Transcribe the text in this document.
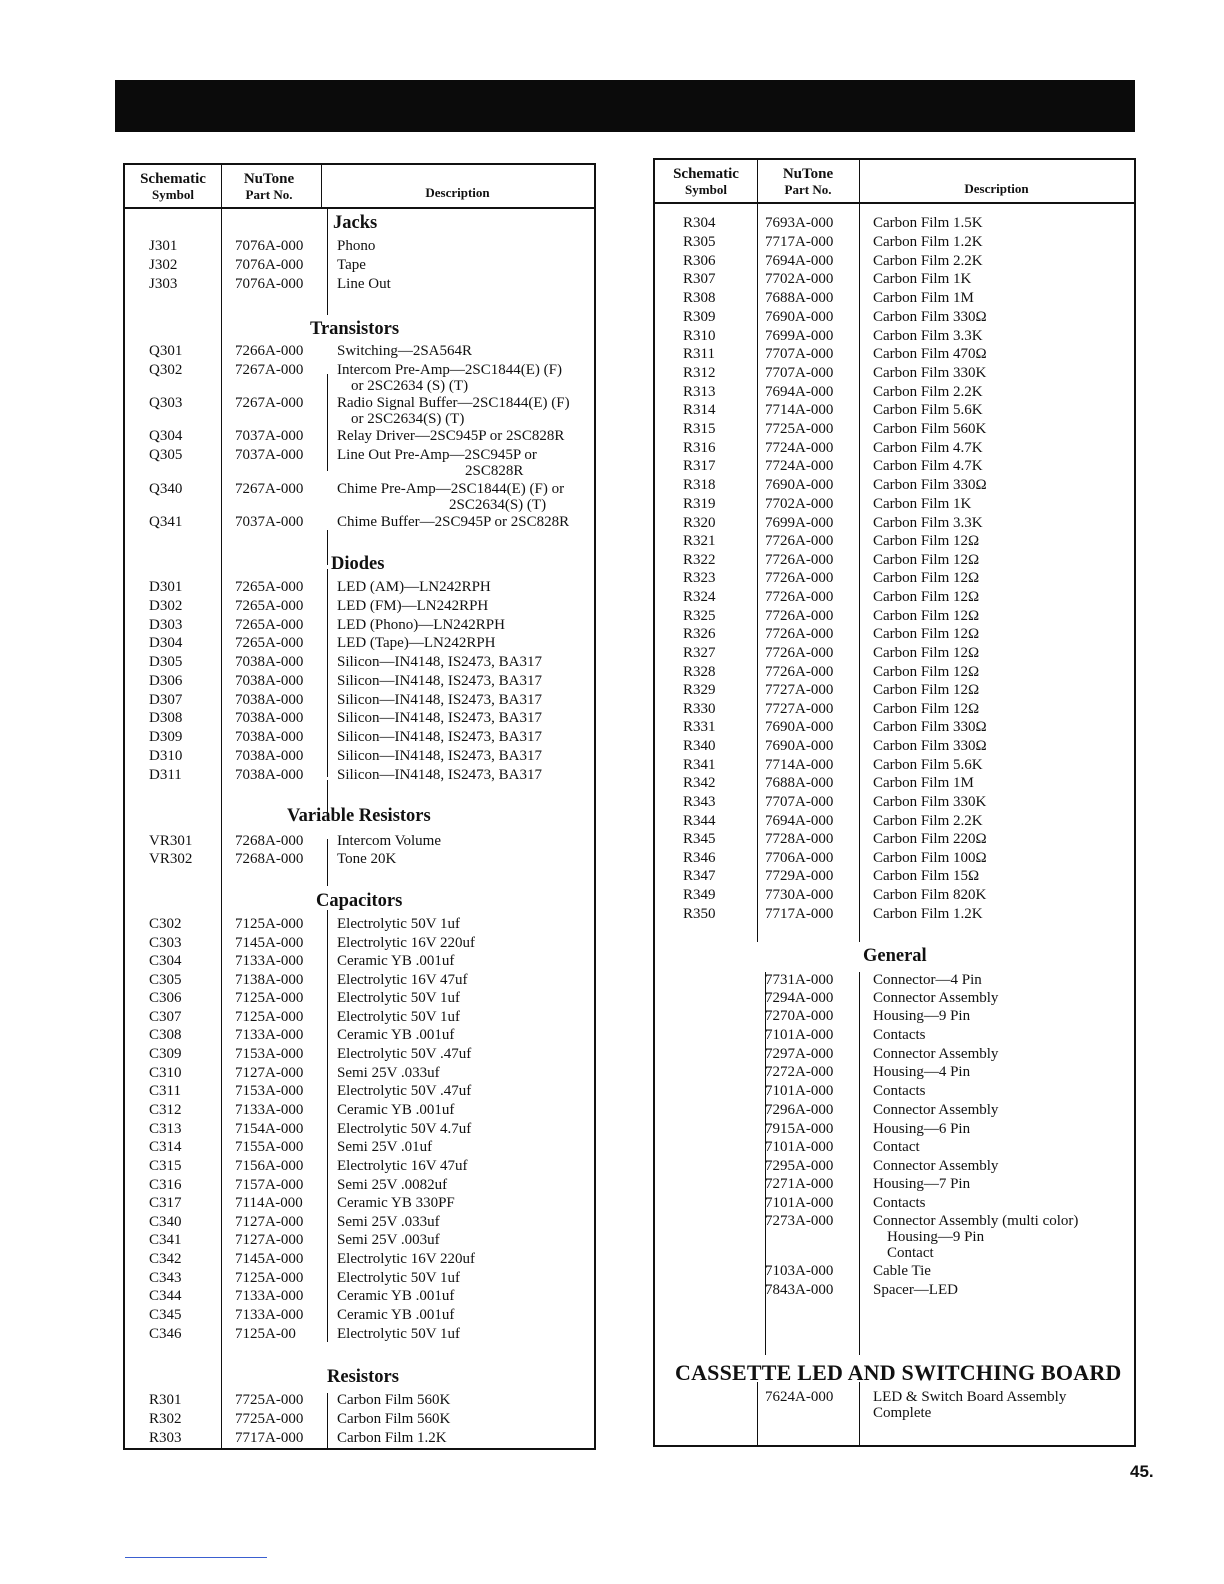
Schematic
Symbol
NuTone
Part No.	Description
Jacks
J301	7076A-000 Phono
J302	7076A-000 Tape
J303	7076A-000 Line Out
Transistors
Q301	7266A-000 Switching—2SA564R
Q302	7267A-000 Intercom Pre-Amp—2SC1844(E) (F)
or 2SC2634 (S) (T)
Q303	7267A-000 Radio Signal Buffer—2SC1844(E) (F)
or 2SC2634(S) (T)
Q304	7037A-000 Relay Driver—2SC945P or 2SC828R
Q305	7037A-000 Line Out Pre-Amp—2SC945P or
2SC828R
Q340	7267A-000 Chime Pre-Amp—2SC1844(E) (F) or
2SC2634(S) (T)
Q341	7037A-000 Chime Buffer—2SC945P or 2SC828R
Diodes
D301	7265A-000 LED (AM)—LN242RPH
D302	7265A-000 LED (FM)—LN242RPH
D303	7265A-000 LED (Phono)—LN242RPH
D304	7265A-000 LED (Tape)—LN242RPH
D305	7038A-000 Silicon—IN4148, IS2473, BA317
D306	7038A-000 Silicon—IN4148, IS2473, BA317
D307	7038A-000 Silicon—IN4148, IS2473, BA317
D308	7038A-000 Silicon—IN4148, IS2473, BA317
D309	7038A-000 Silicon—IN4148, IS2473, BA317
D310	7038A-000 Silicon—IN4148, IS2473, BA317
D311	7038A-000 Silicon—IN4148, IS2473, BA317
Variable Resistors
VR301	7268A-000 Intercom Volume
VR302	7268A-000 Tone 20K
Capacitors
C302	7125A-000 Electrolytic 50V 1uf
C303	7145A-000 Electrolytic 16V 220uf
C304	7133A-000 Ceramic YB .001uf
C305	7138A-000 Electrolytic 16V 47uf
C306	7125A-000 Electrolytic 50V 1uf
C307	7125A-000 Electrolytic 50V 1uf
C308	7133A-000 Ceramic YB .001uf
C309	7153A-000 Electrolytic 50V .47uf
C310	7127A-000 Semi 25V .033uf
C311	7153A-000 Electrolytic 50V .47uf
C312	7133A-000 Ceramic YB .001uf
C313	7154A-000 Electrolytic 50V 4.7uf
C314	7155A-000 Semi 25V .01uf
C315	7156A-000 Electrolytic 16V 47uf
C316	7157A-000 Semi 25V .0082uf
C317	7114A-000 Ceramic YB 330PF
C340	7127A-000 Semi 25V .033uf
C341	7127A-000 Semi 25V .003uf
C342	7145A-000 Electrolytic 16V 220uf
C343	7125A-000 Electrolytic 50V 1uf
C344	7133A-000 Ceramic YB .001uf
C345	7133A-000 Ceramic YB .001uf
C346	7125A-00	Electrolytic 50V 1uf
Resistors
R301	7725A-000 Carbon Film 560K
R302	7725A-000 Carbon Film 560K
R303	7717A-000 Carbon Film 1.2K
Schematic
Symbol
NuTone
Part No.	Description
R304	7693A-000	Carbon Film 1.5K
R305	7717A-000	Carbon Film 1.2K
R306	7694A-000	Carbon Film 2.2K
R307	7702A-000	Carbon Film 1K
R308	7688A-000	Carbon Film 1M
R309	7690A-000	Carbon Film 330Ω
R310	7699A-000	Carbon Film 3.3K
R311	7707A-000	Carbon Film 470Ω
R312	7707A-000	Carbon Film 330K
R313	7694A-000	Carbon Film 2.2K
R314	7714A-000	Carbon Film 5.6K
R315	7725A-000	Carbon Film 560K
R316	7724A-000	Carbon Film 4.7K
R317	7724A-000	Carbon Film 4.7K
R318	7690A-000	Carbon Film 330Ω
R319	7702A-000	Carbon Film 1K
R320	7699A-000	Carbon Film 3.3K
R321	7726A-000	Carbon Film 12Ω
R322	7726A-000	Carbon Film 12Ω
R323	7726A-000	Carbon Film 12Ω
R324	7726A-000	Carbon Film 12Ω
R325	7726A-000	Carbon Film 12Ω
R326	7726A-000	Carbon Film 12Ω
R327	7726A-000	Carbon Film 12Ω
R328	7726A-000	Carbon Film 12Ω
R329	7727A-000	Carbon Film 12Ω
R330	7727A-000	Carbon Film 12Ω
R331	7690A-000	Carbon Film 330Ω
R340	7690A-000	Carbon Film 330Ω
R341	7714A-000	Carbon Film 5.6K
R342	7688A-000	Carbon Film 1M
R343	7707A-000	Carbon Film 330K
R344	7694A-000	Carbon Film 2.2K
R345	7728A-000	Carbon Film 220Ω
R346	7706A-000	Carbon Film 100Ω
R347	7729A-000	Carbon Film 15Ω
R349	7730A-000	Carbon Film 820K
R350	7717A-000	Carbon Film 1.2K
General
7731A-000	Connector—4 Pin
7294A-000	Connector Assembly
7270A-000	Housing—9 Pin
7101A-000	Contacts
7297A-000	Connector Assembly
7272A-000	Housing—4 Pin
7101A-000	Contacts
7296A-000	Connector Assembly
7915A-000	Housing—6 Pin
7101A-000	Contact
7295A-000	Connector Assembly
7271A-000	Housing—7 Pin
7101A-000	Contacts
7273A-000	Connector Assembly (multi color)
Housing—9 Pin
Contact
7103A-000	Cable Tie
7843A-000	Spacer—LED
CASSETTE LED AND SWITCHING BOARD
7624A-000	LED & Switch Board Assembly
Complete
45.
